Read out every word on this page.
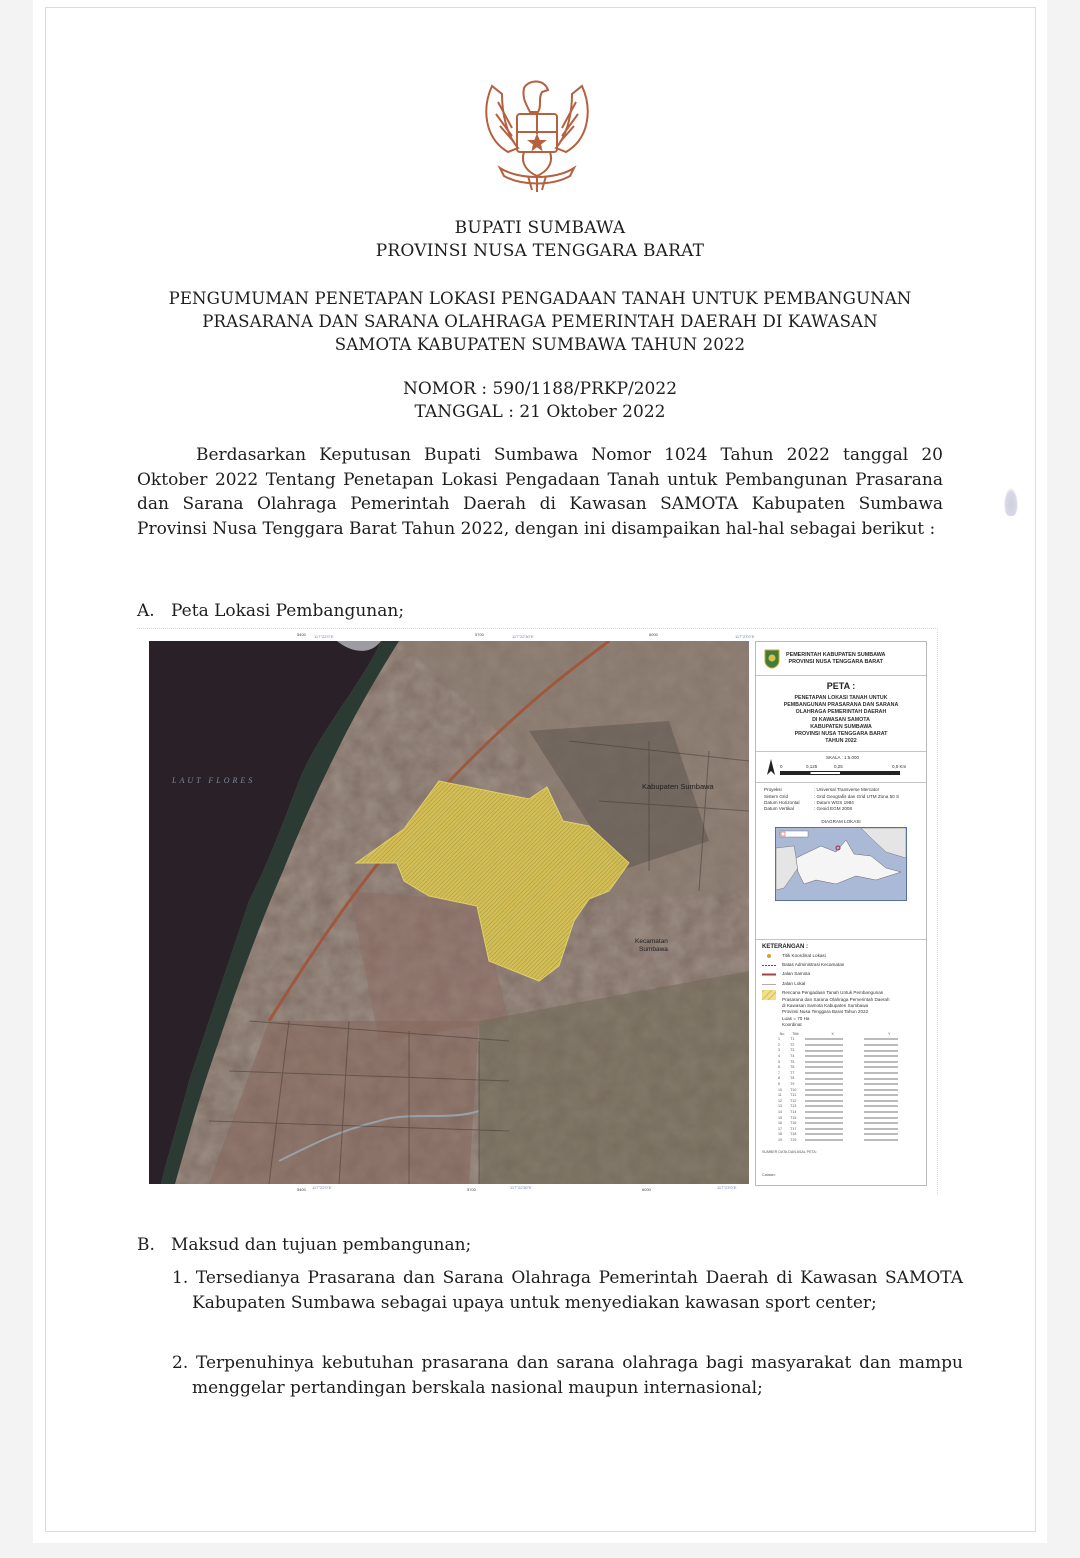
BUPATI SUMBAWA
PROVINSI NUSA TENGGARA BARAT
PENGUMUMAN PENETAPAN LOKASI PENGADAAN TANAH UNTUK PEMBANGUNAN
PRASARANA DAN SARANA OLAHRAGA PEMERINTAH DAERAH DI KAWASAN
SAMOTA KABUPATEN SUMBAWA TAHUN 2022
NOMOR : 590/1188/PRKP/2022
TANGGAL : 21 Oktober 2022
Berdasarkan Keputusan Bupati Sumbawa Nomor 1024 Tahun 2022 tanggal 20 Oktober 2022 Tentang Penetapan Lokasi Pengadaan Tanah untuk Pembangunan Prasarana dan Sarana Olahraga Pemerintah Daerah di Kawasan SAMOTA Kabupaten Sumbawa Provinsi Nusa Tenggara Barat Tahun 2022, dengan ini disampaikan hal-hal sebagai berikut :
A. Peta Lokasi Pembangunan;
5400 117°22'0"E	5700	117°22'30"E	6000	117°23'0"E
LAUT FLORES
Kabupaten Sumbawa
Kecamatan
Sumbawa
5400 117°22'0"E	5700	117°22'30"E	6000	117°23'0"E
PEMERINTAH KABUPATEN SUMBAWA
PROVINSI NUSA TENGGARA BARAT
PETA :
PENETAPAN LOKASI TANAH UNTUK
PEMBANGUNAN PRASARANA DAN SARANA
OLAHRAGA PEMERINTAH DAERAH
DI KAWASAN SAMOTA
KABUPATEN SUMBAWA
PROVINSI NUSA TENGGARA BARAT
TAHUN 2022
SKALA : 1:5.000
0	0,125	0,25	0,5 Km
Proyeksi	: Universal Transverse Mercator
Sistem Grid	: Grid Geografis dan Grid UTM Zona 50 S
Datum Horizontal	: Datum WGS 1984
Datum Vertikal	: Geoid EGM 2008
DIAGRAM LOKASI
KETERANGAN :
Titik Koordinat Lokasi
Batas Administrasi Kecamatan
Jalan Samota
Jalan Lokal
Rencana Pengadaan Tanah Untuk Pembangunan
Prasarana dan Sarana Olahraga Pemerintah Daerah
di Kawasan Samota Kabupaten Sumbawa
Provinsi Nusa Tenggara Barat Tahun 2022
Luas = 70 Ha
Koordinat
No	Titik	X	Y
1	T1		
2	T2		
3	T3		
4	T4		
5	T5		
6	T6		
7	T7		
8	T8		
9	T9		
10	T10		
11	T11		
12	T12		
13	T13		
14	T14		
15	T15		
16	T16		
17	T17		
18	T18		
19	T19		
SUMBER DATA DAN ASAL PETA:
Catatan:
B. Maksud dan tujuan pembangunan;
1. Tersedianya Prasarana dan Sarana Olahraga Pemerintah Daerah di Kawasan SAMOTA Kabupaten Sumbawa sebagai upaya untuk menyediakan kawasan sport center;
2. Terpenuhinya kebutuhan prasarana dan sarana olahraga bagi masyarakat dan mampu menggelar pertandingan berskala nasional maupun internasional;
